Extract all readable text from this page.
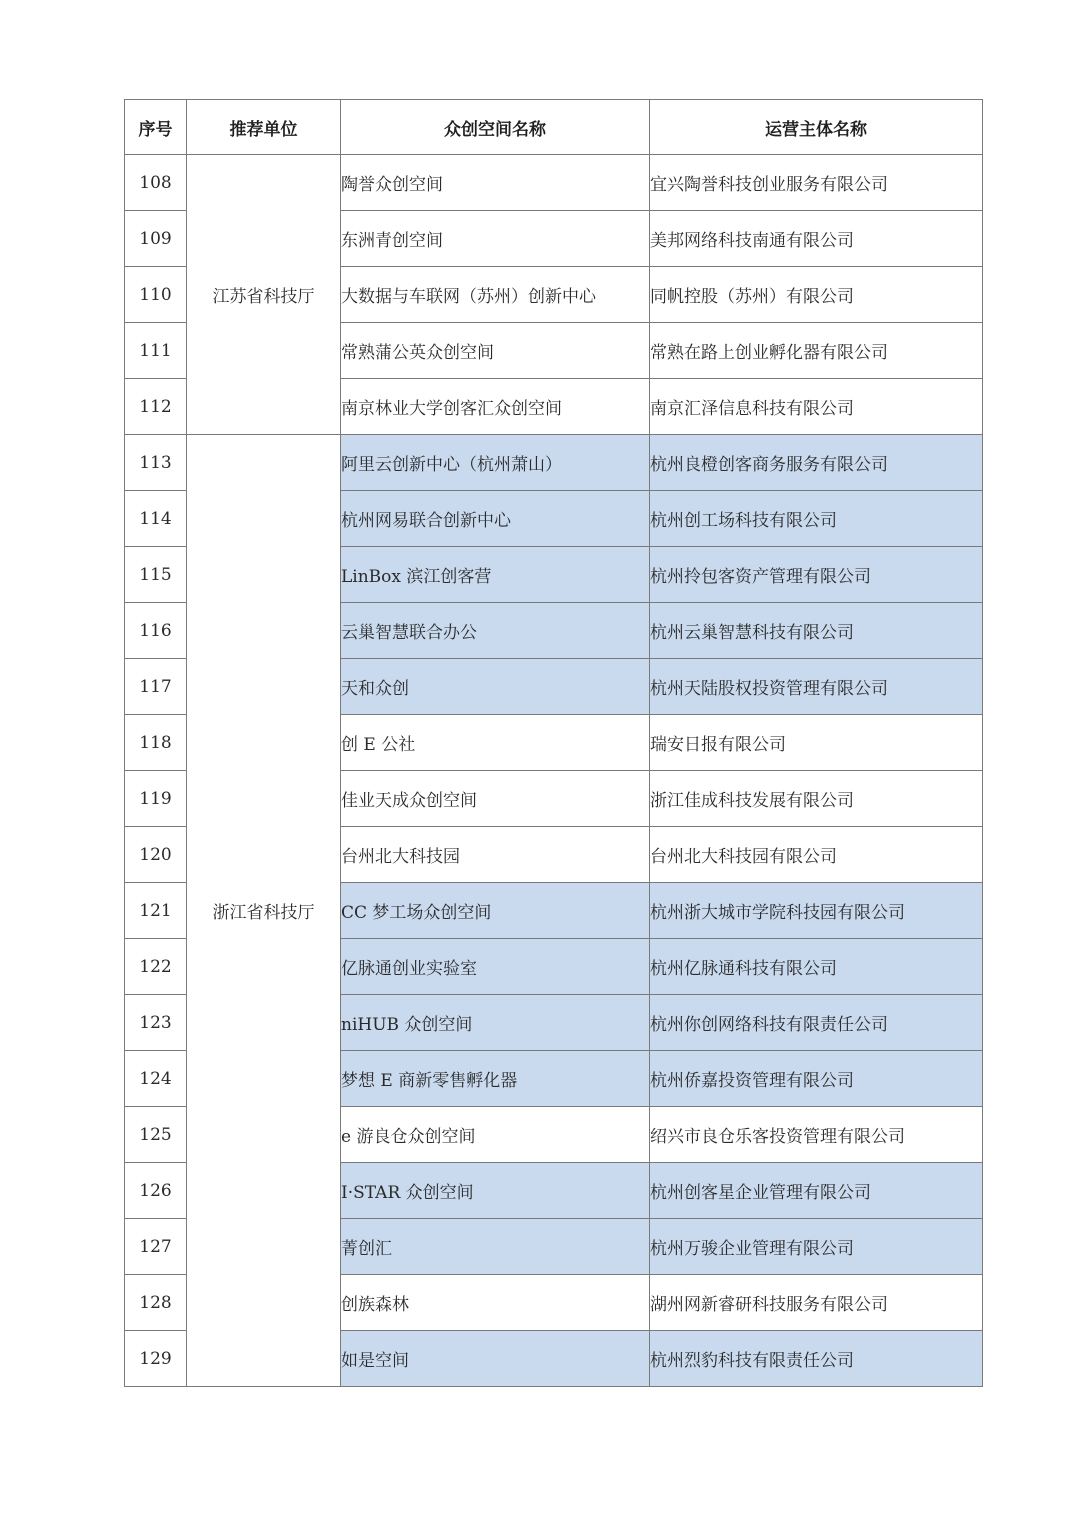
序号	推荐单位	众创空间名称	运营主体名称
108	江苏省科技厅	陶誉众创空间	宜兴陶誉科技创业服务有限公司
109		东洲青创空间	美邦网络科技南通有限公司
110		大数据与车联网（苏州）创新中心	同帆控股（苏州）有限公司
111		常熟蒲公英众创空间	常熟在路上创业孵化器有限公司
112		南京林业大学创客汇众创空间	南京汇泽信息科技有限公司
113	浙江省科技厅	阿里云创新中心（杭州萧山）	杭州良橙创客商务服务有限公司
114		杭州网易联合创新中心	杭州创工场科技有限公司
115		LinBox 滨江创客营	杭州拎包客资产管理有限公司
116		云巢智慧联合办公	杭州云巢智慧科技有限公司
117		天和众创	杭州天陆股权投资管理有限公司
118		创 E 公社	瑞安日报有限公司
119		佳业天成众创空间	浙江佳成科技发展有限公司
120		台州北大科技园	台州北大科技园有限公司
121		CC 梦工场众创空间	杭州浙大城市学院科技园有限公司
122		亿脉通创业实验室	杭州亿脉通科技有限公司
123		niHUB 众创空间	杭州你创网络科技有限责任公司
124		梦想 E 商新零售孵化器	杭州侨嘉投资管理有限公司
125		e 游良仓众创空间	绍兴市良仓乐客投资管理有限公司
126		I·STAR 众创空间	杭州创客星企业管理有限公司
127		菁创汇	杭州万骏企业管理有限公司
128		创族森林	湖州网新睿研科技服务有限公司
129		如是空间	杭州烈豹科技有限责任公司
